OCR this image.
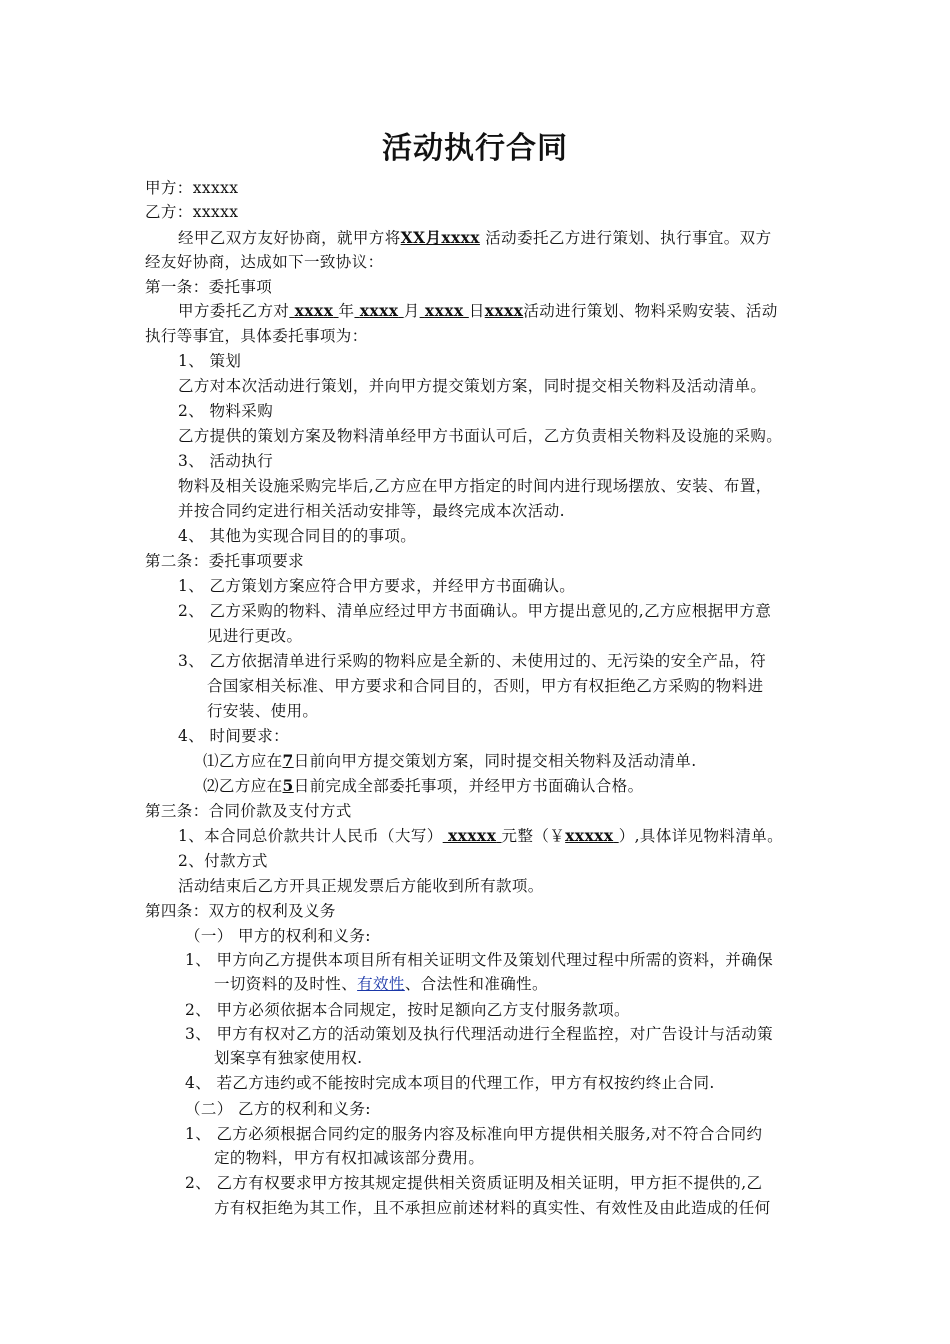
活动执行合同
甲方：xxxxx
乙方：xxxxx
经甲乙双方友好协商，就甲方将XX月xxxx 活动委托乙方进行策划、执行事宜。双方
经友好协商，达成如下一致协议：
第一条：委托事项
甲方委托乙方对 xxxx 年 xxxx 月 xxxx 日xxxx活动进行策划、物料采购安装、活动
执行等事宜，具体委托事项为：
1、 策划
乙方对本次活动进行策划，并向甲方提交策划方案，同时提交相关物料及活动清单。
2、 物料采购
乙方提供的策划方案及物料清单经甲方书面认可后，乙方负责相关物料及设施的采购。
3、 活动执行
物料及相关设施采购完毕后,乙方应在甲方指定的时间内进行现场摆放、安装、布置，
并按合同约定进行相关活动安排等，最终完成本次活动.
4、 其他为实现合同目的的事项。
第二条：委托事项要求
1、 乙方策划方案应符合甲方要求，并经甲方书面确认。
2、 乙方采购的物料、清单应经过甲方书面确认。甲方提出意见的,乙方应根据甲方意
见进行更改。
3、 乙方依据清单进行采购的物料应是全新的、未使用过的、无污染的安全产品，符
合国家相关标准、甲方要求和合同目的，否则，甲方有权拒绝乙方采购的物料进
行安装、使用。
4、 时间要求：
⑴乙方应在7日前向甲方提交策划方案，同时提交相关物料及活动清单.
⑵乙方应在5日前完成全部委托事项，并经甲方书面确认合格。
第三条：合同价款及支付方式
1、本合同总价款共计人民币（大写） xxxxx 元整（￥xxxxx ）,具体详见物料清单。
2、付款方式
活动结束后乙方开具正规发票后方能收到所有款项。
第四条：双方的权利及义务
（一） 甲方的权利和义务:
1、 甲方向乙方提供本项目所有相关证明文件及策划代理过程中所需的资料，并确保
一切资料的及时性、有效性、合法性和准确性。
2、 甲方必须依据本合同规定，按时足额向乙方支付服务款项。
3、 甲方有权对乙方的活动策划及执行代理活动进行全程监控，对广告设计与活动策
划案享有独家使用权.
4、 若乙方违约或不能按时完成本项目的代理工作，甲方有权按约终止合同.
（二） 乙方的权利和义务:
1、 乙方必须根据合同约定的服务内容及标准向甲方提供相关服务,对不符合合同约
定的物料，甲方有权扣减该部分费用。
2、 乙方有权要求甲方按其规定提供相关资质证明及相关证明，甲方拒不提供的,乙
方有权拒绝为其工作，且不承担应前述材料的真实性、有效性及由此造成的任何
